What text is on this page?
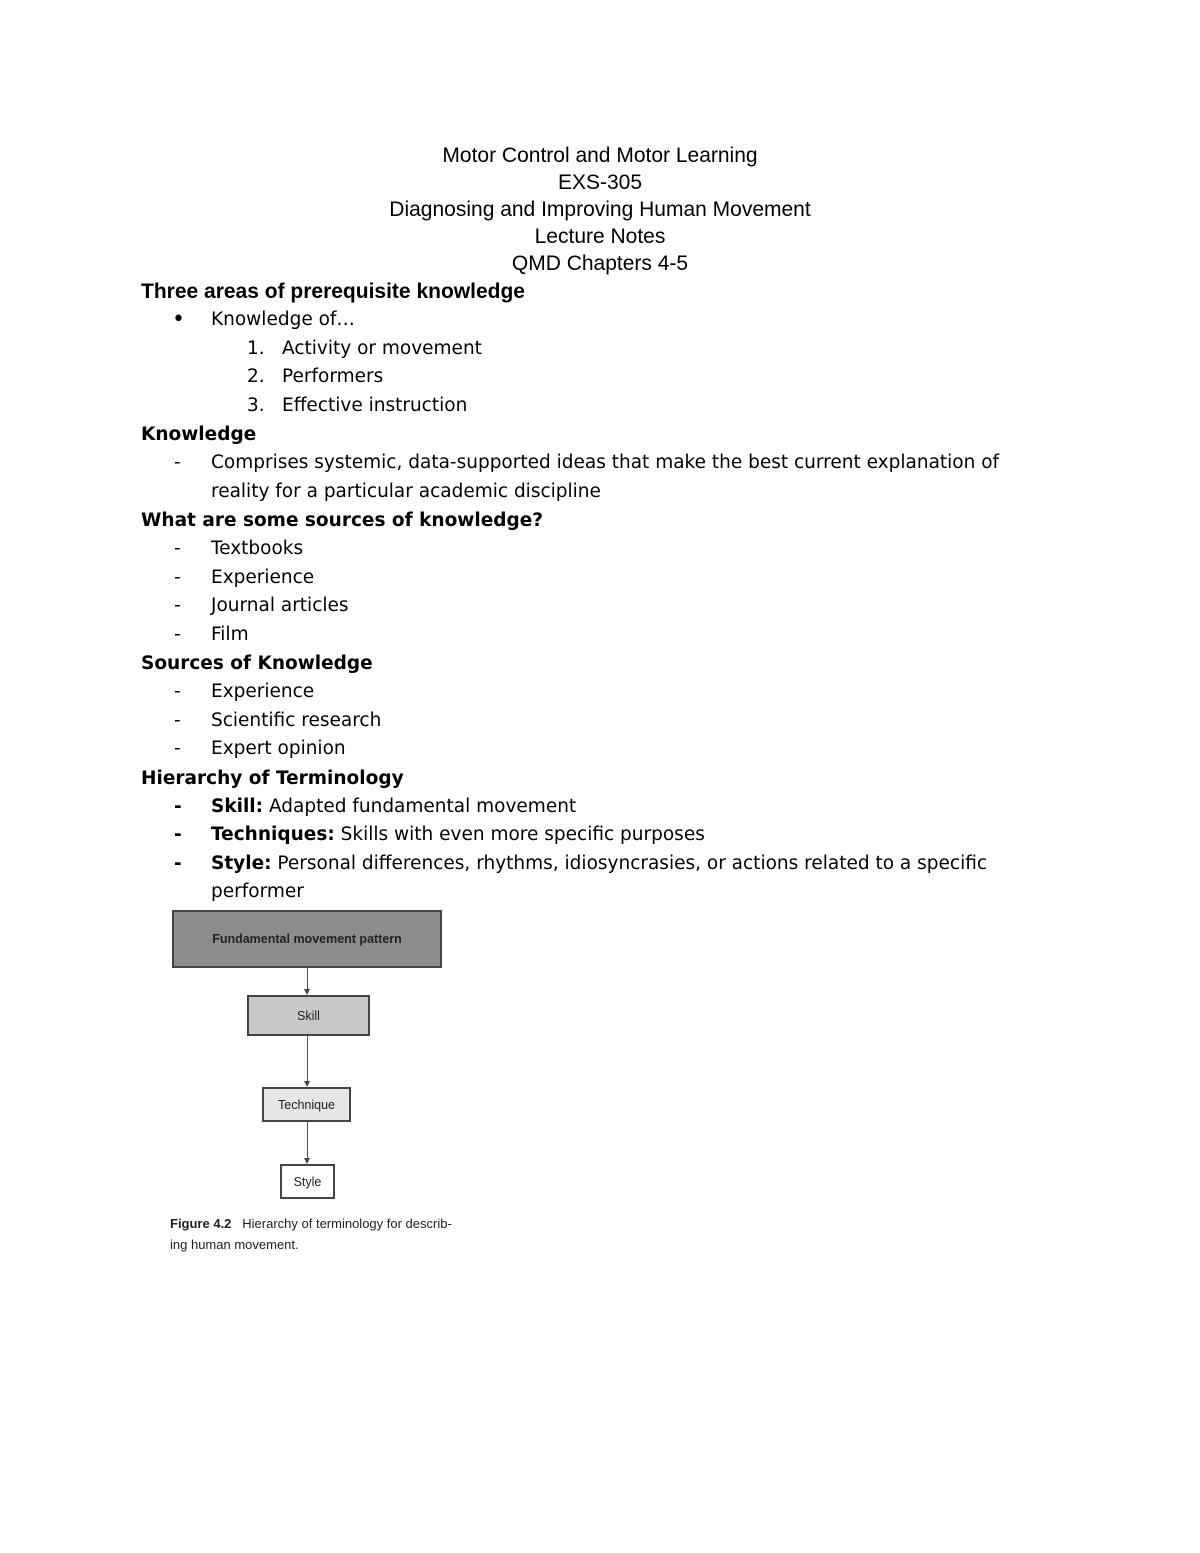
Motor Control and Motor Learning
EXS-305
Diagnosing and Improving Human Movement
Lecture Notes
QMD Chapters 4-5
Three areas of prerequisite knowledge
•	Knowledge of…
1. Activity or movement
2. Performers
3. Effective instruction
Knowledge
-	Comprises systemic, data-supported ideas that make the best current explanation of reality for a particular academic discipline
What are some sources of knowledge?
-	Textbooks
-	Experience
-	Journal articles
-	Film
Sources of Knowledge
-	Experience
-	Scientific research
-	Expert opinion
Hierarchy of Terminology
-	Skill: Adapted fundamental movement
-	Techniques: Skills with even more specific purposes
-	Style: Personal differences, rhythms, idiosyncrasies, or actions related to a specific performer
Fundamental movement pattern
Skill
Technique
Style
Figure 4.2 Hierarchy of terminology for describ-ing human movement.
